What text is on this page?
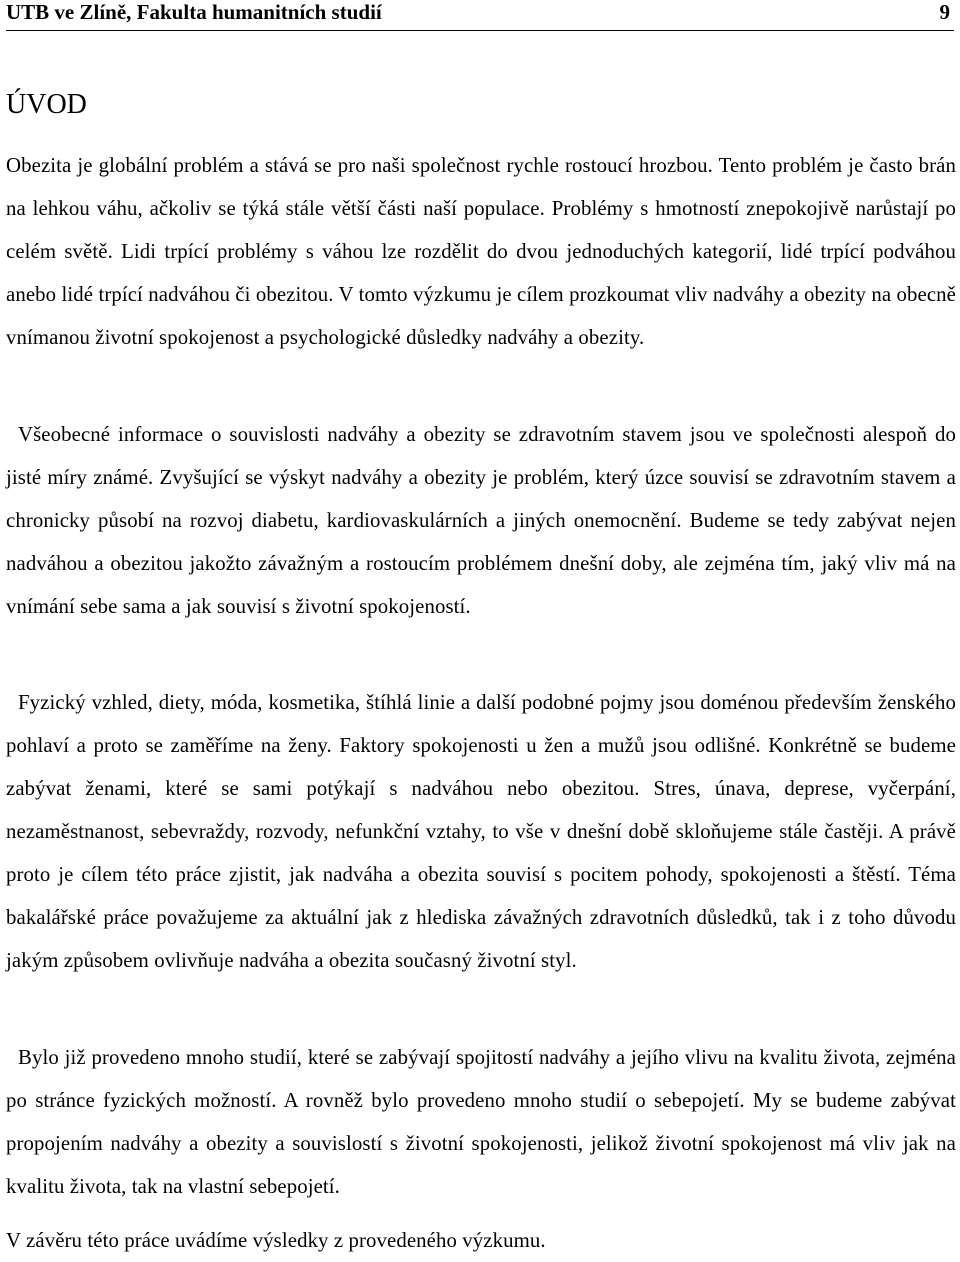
UTB ve Zlíně, Fakulta humanitních studií	9
ÚVOD

Obezita je globální problém a stává se pro naši společnost rychle rostoucí hrozbou. Tento problém je často brán na lehkou váhu, ačkoliv se týká stále větší části naší populace. Problémy s hmotností znepokojivě narůstají po celém světě. Lidi trpící problémy s váhou lze rozdělit do dvou jednoduchých kategorií, lidé trpící podváhou anebo lidé trpící nadváhou či obezitou. V tomto výzkumu je cílem prozkoumat vliv nadváhy a obezity na obecně vnímanou životní spokojenost a psychologické důsledky nadváhy a obezity.

Všeobecné informace o souvislosti nadváhy a obezity se zdravotním stavem jsou ve společnosti alespoň do jisté míry známé. Zvyšující se výskyt nadváhy a obezity je problém, který úzce souvisí se zdravotním stavem a chronicky působí na rozvoj diabetu, kardiovaskulárních a jiných onemocnění. Budeme se tedy zabývat nejen nadváhou a obezitou jakožto závažným a rostoucím problémem dnešní doby, ale zejména tím, jaký vliv má na vnímání sebe sama a jak souvisí s životní spokojeností.

Fyzický vzhled, diety, móda, kosmetika, štíhlá linie a další podobné pojmy jsou doménou především ženského pohlaví a proto se zaměříme na ženy. Faktory spokojenosti u žen a mužů jsou odlišné. Konkrétně se budeme zabývat ženami, které se sami potýkají s nadváhou nebo obezitou. Stres, únava, deprese, vyčerpání, nezaměstnanost, sebevraždy, rozvody, nefunkční vztahy, to vše v dnešní době skloňujeme stále častěji. A právě proto je cílem této práce zjistit, jak nadváha a obezita souvisí s pocitem pohody, spokojenosti a štěstí. Téma bakalářské práce považujeme za aktuální jak z hlediska závažných zdravotních důsledků, tak i z toho důvodu jakým způsobem ovlivňuje nadváha a obezita současný životní styl.

Bylo již provedeno mnoho studií, které se zabývají spojitostí nadváhy a jejího vlivu na kvalitu života, zejména po stránce fyzických možností. A rovněž bylo provedeno mnoho studií o sebepojetí. My se budeme zabývat propojením nadváhy a obezity a souvislostí s životní spokojenosti, jelikož životní spokojenost má vliv jak na kvalitu života, tak na vlastní sebepojetí.

V závěru této práce uvádíme výsledky z provedeného výzkumu.
